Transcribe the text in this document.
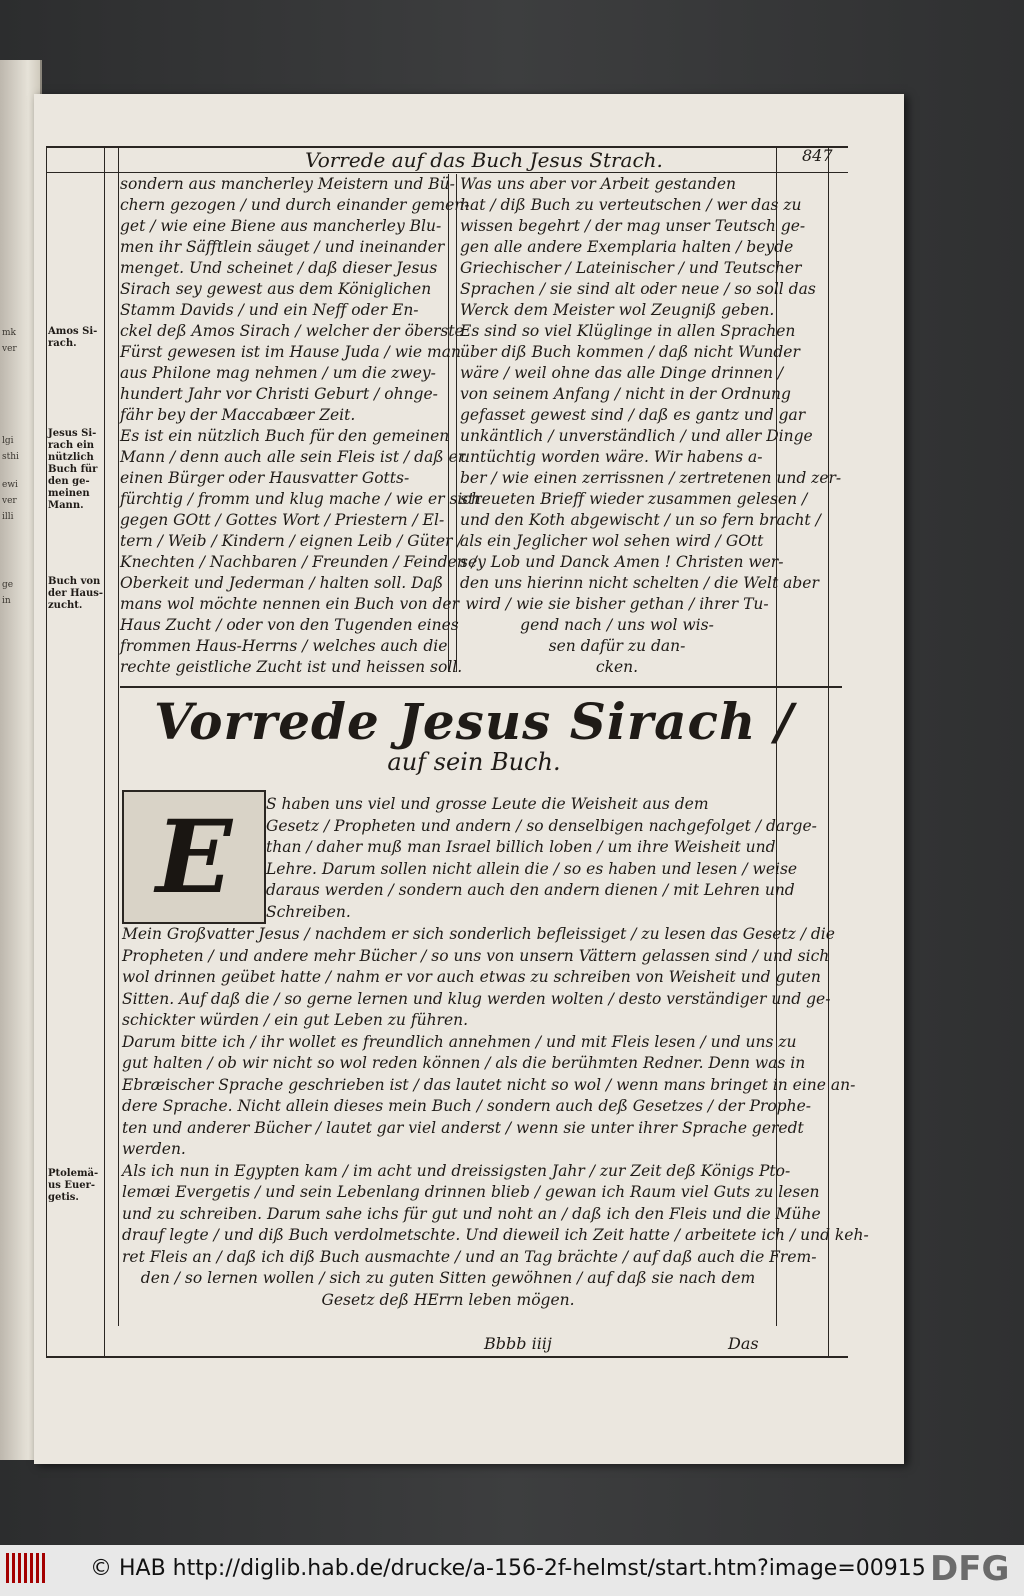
mk
ver
lgi
sthi
ewi
ver
illi
ge
in
Vorrede auf das Buch Jesus Strach.	847
Amos Si-
rach.
Jesus Si-
rach ein
nützlich
Buch für
den ge-
meinen
Mann.
Buch von
der Haus-
zucht.
Ptolemä-
us Euer-
getis.
sondern aus mancherley Meistern und Bü-
chern gezogen / und durch einander gemen-
get / wie eine Biene aus mancherley Blu-
men ihr Säfftlein säuget / und ineinander
menget. Und scheinet / daß dieser Jesus
Sirach sey gewest aus dem Königlichen
Stamm Davids / und ein Neff oder En-
ckel deß Amos Sirach / welcher der öberste
Fürst gewesen ist im Hause Juda / wie man
aus Philone mag nehmen / um die zwey-
hundert Jahr vor Christi Geburt / ohnge-
fähr bey der Maccabæer Zeit.
Es ist ein nützlich Buch für den gemeinen
Mann / denn auch alle sein Fleis ist / daß er
einen Bürger oder Hausvatter Gotts-
fürchtig / fromm und klug mache / wie er sich
gegen GOtt / Gottes Wort / Priestern / El-
tern / Weib / Kindern / eignen Leib / Güter /
Knechten / Nachbaren / Freunden / Feinden /
Oberkeit und Jederman / halten soll. Daß
mans wol möchte nennen ein Buch von der
Haus Zucht / oder von den Tugenden eines
frommen Haus-Herrns / welches auch die
rechte geistliche Zucht ist und heissen soll.
Was uns aber vor Arbeit gestanden
hat / diß Buch zu verteutschen / wer das zu
wissen begehrt / der mag unser Teutsch ge-
gen alle andere Exemplaria halten / beyde
Griechischer / Lateinischer / und Teutscher
Sprachen / sie sind alt oder neue / so soll das
Werck dem Meister wol Zeugniß geben.
Es sind so viel Klüglinge in allen Sprachen
über diß Buch kommen / daß nicht Wunder
wäre / weil ohne das alle Dinge drinnen /
von seinem Anfang / nicht in der Ordnung
gefasset gewest sind / daß es gantz und gar
unkäntlich / unverständlich / und aller Dinge
untüchtig worden wäre. Wir habens a-
ber / wie einen zerrissnen / zertretenen und zer-
streueten Brieff wieder zusammen gelesen /
und den Koth abgewischt / un so fern bracht /
als ein Jeglicher wol sehen wird / GOtt
sey Lob und Danck Amen ! Christen wer-
den uns hierinn nicht schelten / die Welt aber
wird / wie sie bisher gethan / ihrer Tu-
gend nach / uns wol wis-
sen dafür zu dan-
cken.
Vorrede Jesus Sirach /
auf sein Buch.
E	S haben uns viel und grosse Leute die Weisheit aus dem
Gesetz / Propheten und andern / so denselbigen nachgefolget / darge-
than / daher muß man Israel billich loben / um ihre Weisheit und
Lehre. Darum sollen nicht allein die / so es haben und lesen / weise
daraus werden / sondern auch den andern dienen / mit Lehren und
Schreiben.
Mein Großvatter Jesus / nachdem er sich sonderlich befleissiget / zu lesen das Gesetz / die
Propheten / und andere mehr Bücher / so uns von unsern Vättern gelassen sind / und sich
wol drinnen geübet hatte / nahm er vor auch etwas zu schreiben von Weisheit und guten
Sitten. Auf daß die / so gerne lernen und klug werden wolten / desto verständiger und ge-
schickter würden / ein gut Leben zu führen.
Darum bitte ich / ihr wollet es freundlich annehmen / und mit Fleis lesen / und uns zu
gut halten / ob wir nicht so wol reden können / als die berühmten Redner. Denn was in
Ebræischer Sprache geschrieben ist / das lautet nicht so wol / wenn mans bringet in eine an-
dere Sprache. Nicht allein dieses mein Buch / sondern auch deß Gesetzes / der Prophe-
ten und anderer Bücher / lautet gar viel anderst / wenn sie unter ihrer Sprache geredt
werden.
Als ich nun in Egypten kam / im acht und dreissigsten Jahr / zur Zeit deß Königs Pto-
lemæi Evergetis / und sein Lebenlang drinnen blieb / gewan ich Raum viel Guts zu lesen
und zu schreiben. Darum sahe ichs für gut und noht an / daß ich den Fleis und die Mühe
drauf legte / und diß Buch verdolmetschte. Und dieweil ich Zeit hatte / arbeitete ich / und keh-
ret Fleis an / daß ich diß Buch ausmachte / und an Tag brächte / auf daß auch die Frem-
den / so lernen wollen / sich zu guten Sitten gewöhnen / auf daß sie nach dem
Gesetz deß HErrn leben mögen.
Bbbb iiij	Das
© HAB http://diglib.hab.de/drucke/a-156-2f-helmst/start.htm?image=00915 DFG
